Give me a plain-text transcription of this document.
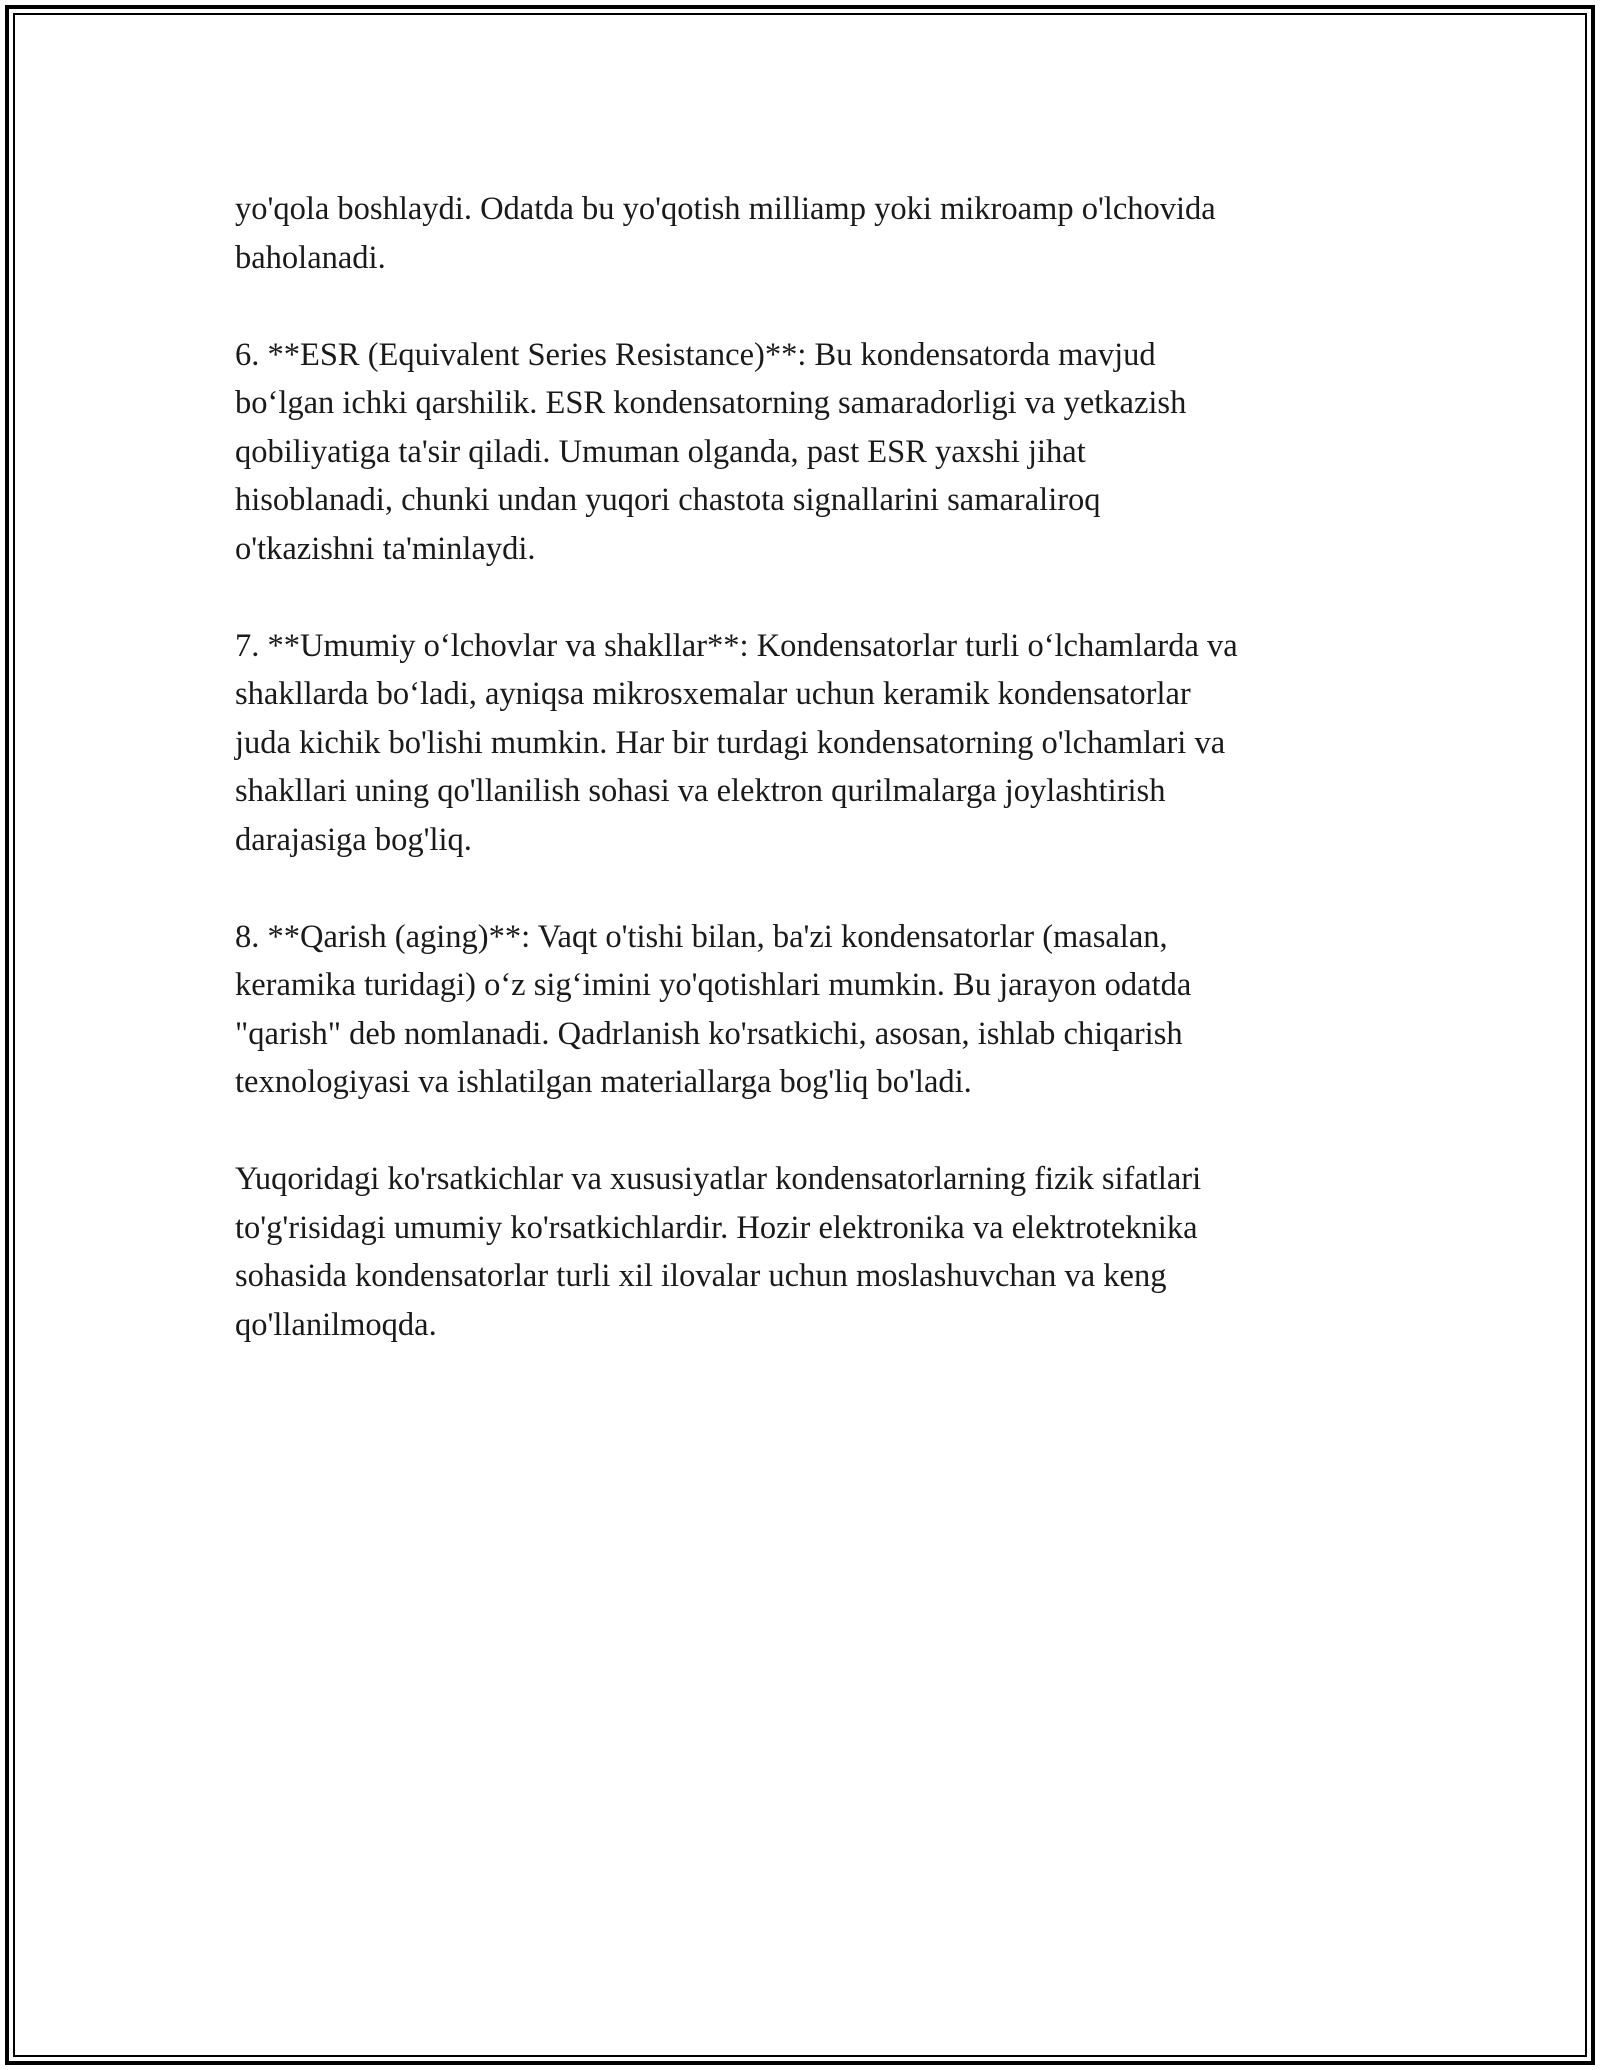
yo'qola boshlaydi. Odatda bu yo'qotish milliamp yoki mikroamp o'lchovida
baholanadi.

6. **ESR (Equivalent Series Resistance)**: Bu kondensatorda mavjud
bo‘lgan ichki qarshilik. ESR kondensatorning samaradorligi va yetkazish
qobiliyatiga ta'sir qiladi. Umuman olganda, past ESR yaxshi jihat
hisoblanadi, chunki undan yuqori chastota signallarini samaraliroq
o'tkazishni ta'minlaydi.

7. **Umumiy o‘lchovlar va shakllar**: Kondensatorlar turli o‘lchamlarda va
shakllarda bo‘ladi, ayniqsa mikrosxemalar uchun keramik kondensatorlar
juda kichik bo'lishi mumkin. Har bir turdagi kondensatorning o'lchamlari va
shakllari uning qo'llanilish sohasi va elektron qurilmalarga joylashtirish
darajasiga bog'liq.

8. **Qarish (aging)**: Vaqt o'tishi bilan, ba'zi kondensatorlar (masalan,
keramika turidagi) o‘z sig‘imini yo'qotishlari mumkin. Bu jarayon odatda
"qarish" deb nomlanadi. Qadrlanish ko'rsatkichi, asosan, ishlab chiqarish
texnologiyasi va ishlatilgan materiallarga bog'liq bo'ladi.

Yuqoridagi ko'rsatkichlar va xususiyatlar kondensatorlarning fizik sifatlari
to'g'risidagi umumiy ko'rsatkichlardir. Hozir elektronika va elektroteknika
sohasida kondensatorlar turli xil ilovalar uchun moslashuvchan va keng
qo'llanilmoqda.
